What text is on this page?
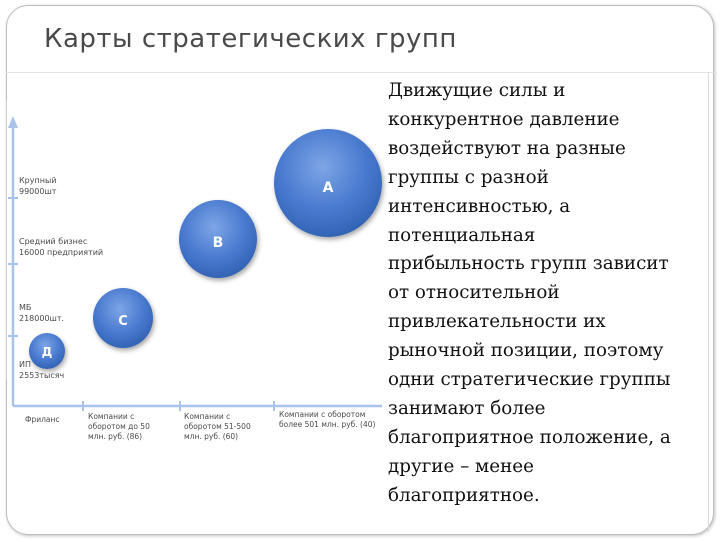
Карты стратегических групп
Крупный 99000шт
Средний бизнес 16000 предприятий
МБ 218000шт.
ИП 2553тысяч
Фриланс	Компании с оборотом до 50 млн. руб. (86)
Компании с оборотом 51-500 млн. руб. (60)
Компании с оборотом более 501 млн. руб. (40)
А
В
С
Д
Движущие силы и
конкурентное давление
воздействуют на разные
группы с разной
интенсивностью, а
потенциальная
прибыльность групп зависит
от относительной
привлекательности их
рыночной позиции, поэтому
одни стратегические группы
занимают более
благоприятное положение, а
другие – менее
благоприятное.
